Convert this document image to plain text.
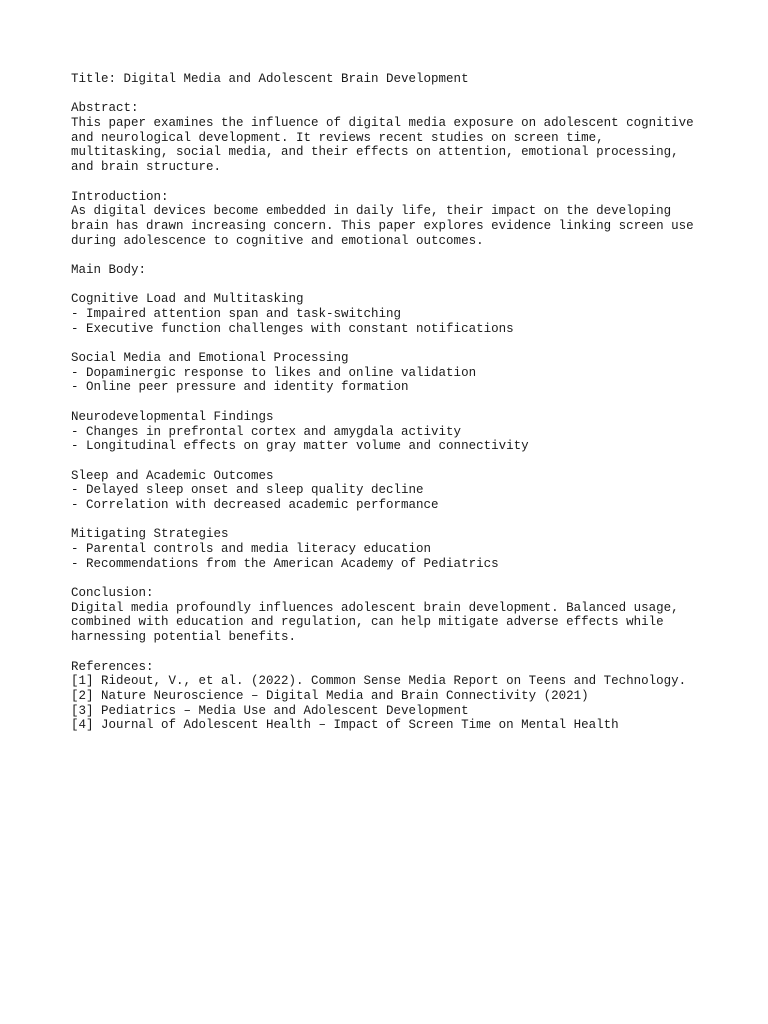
Title: Digital Media and Adolescent Brain Development
Abstract:
This paper examines the influence of digital media exposure on adolescent cognitive
and neurological development. It reviews recent studies on screen time,
multitasking, social media, and their effects on attention, emotional processing,
and brain structure.
Introduction:
As digital devices become embedded in daily life, their impact on the developing
brain has drawn increasing concern. This paper explores evidence linking screen use
during adolescence to cognitive and emotional outcomes.
Main Body:
Cognitive Load and Multitasking
- Impaired attention span and task-switching
- Executive function challenges with constant notifications
Social Media and Emotional Processing
- Dopaminergic response to likes and online validation
- Online peer pressure and identity formation
Neurodevelopmental Findings
- Changes in prefrontal cortex and amygdala activity
- Longitudinal effects on gray matter volume and connectivity
Sleep and Academic Outcomes
- Delayed sleep onset and sleep quality decline
- Correlation with decreased academic performance
Mitigating Strategies
- Parental controls and media literacy education
- Recommendations from the American Academy of Pediatrics
Conclusion:
Digital media profoundly influences adolescent brain development. Balanced usage,
combined with education and regulation, can help mitigate adverse effects while
harnessing potential benefits.
References:
[1] Rideout, V., et al. (2022). Common Sense Media Report on Teens and Technology.
[2] Nature Neuroscience – Digital Media and Brain Connectivity (2021)
[3] Pediatrics – Media Use and Adolescent Development
[4] Journal of Adolescent Health – Impact of Screen Time on Mental Health
